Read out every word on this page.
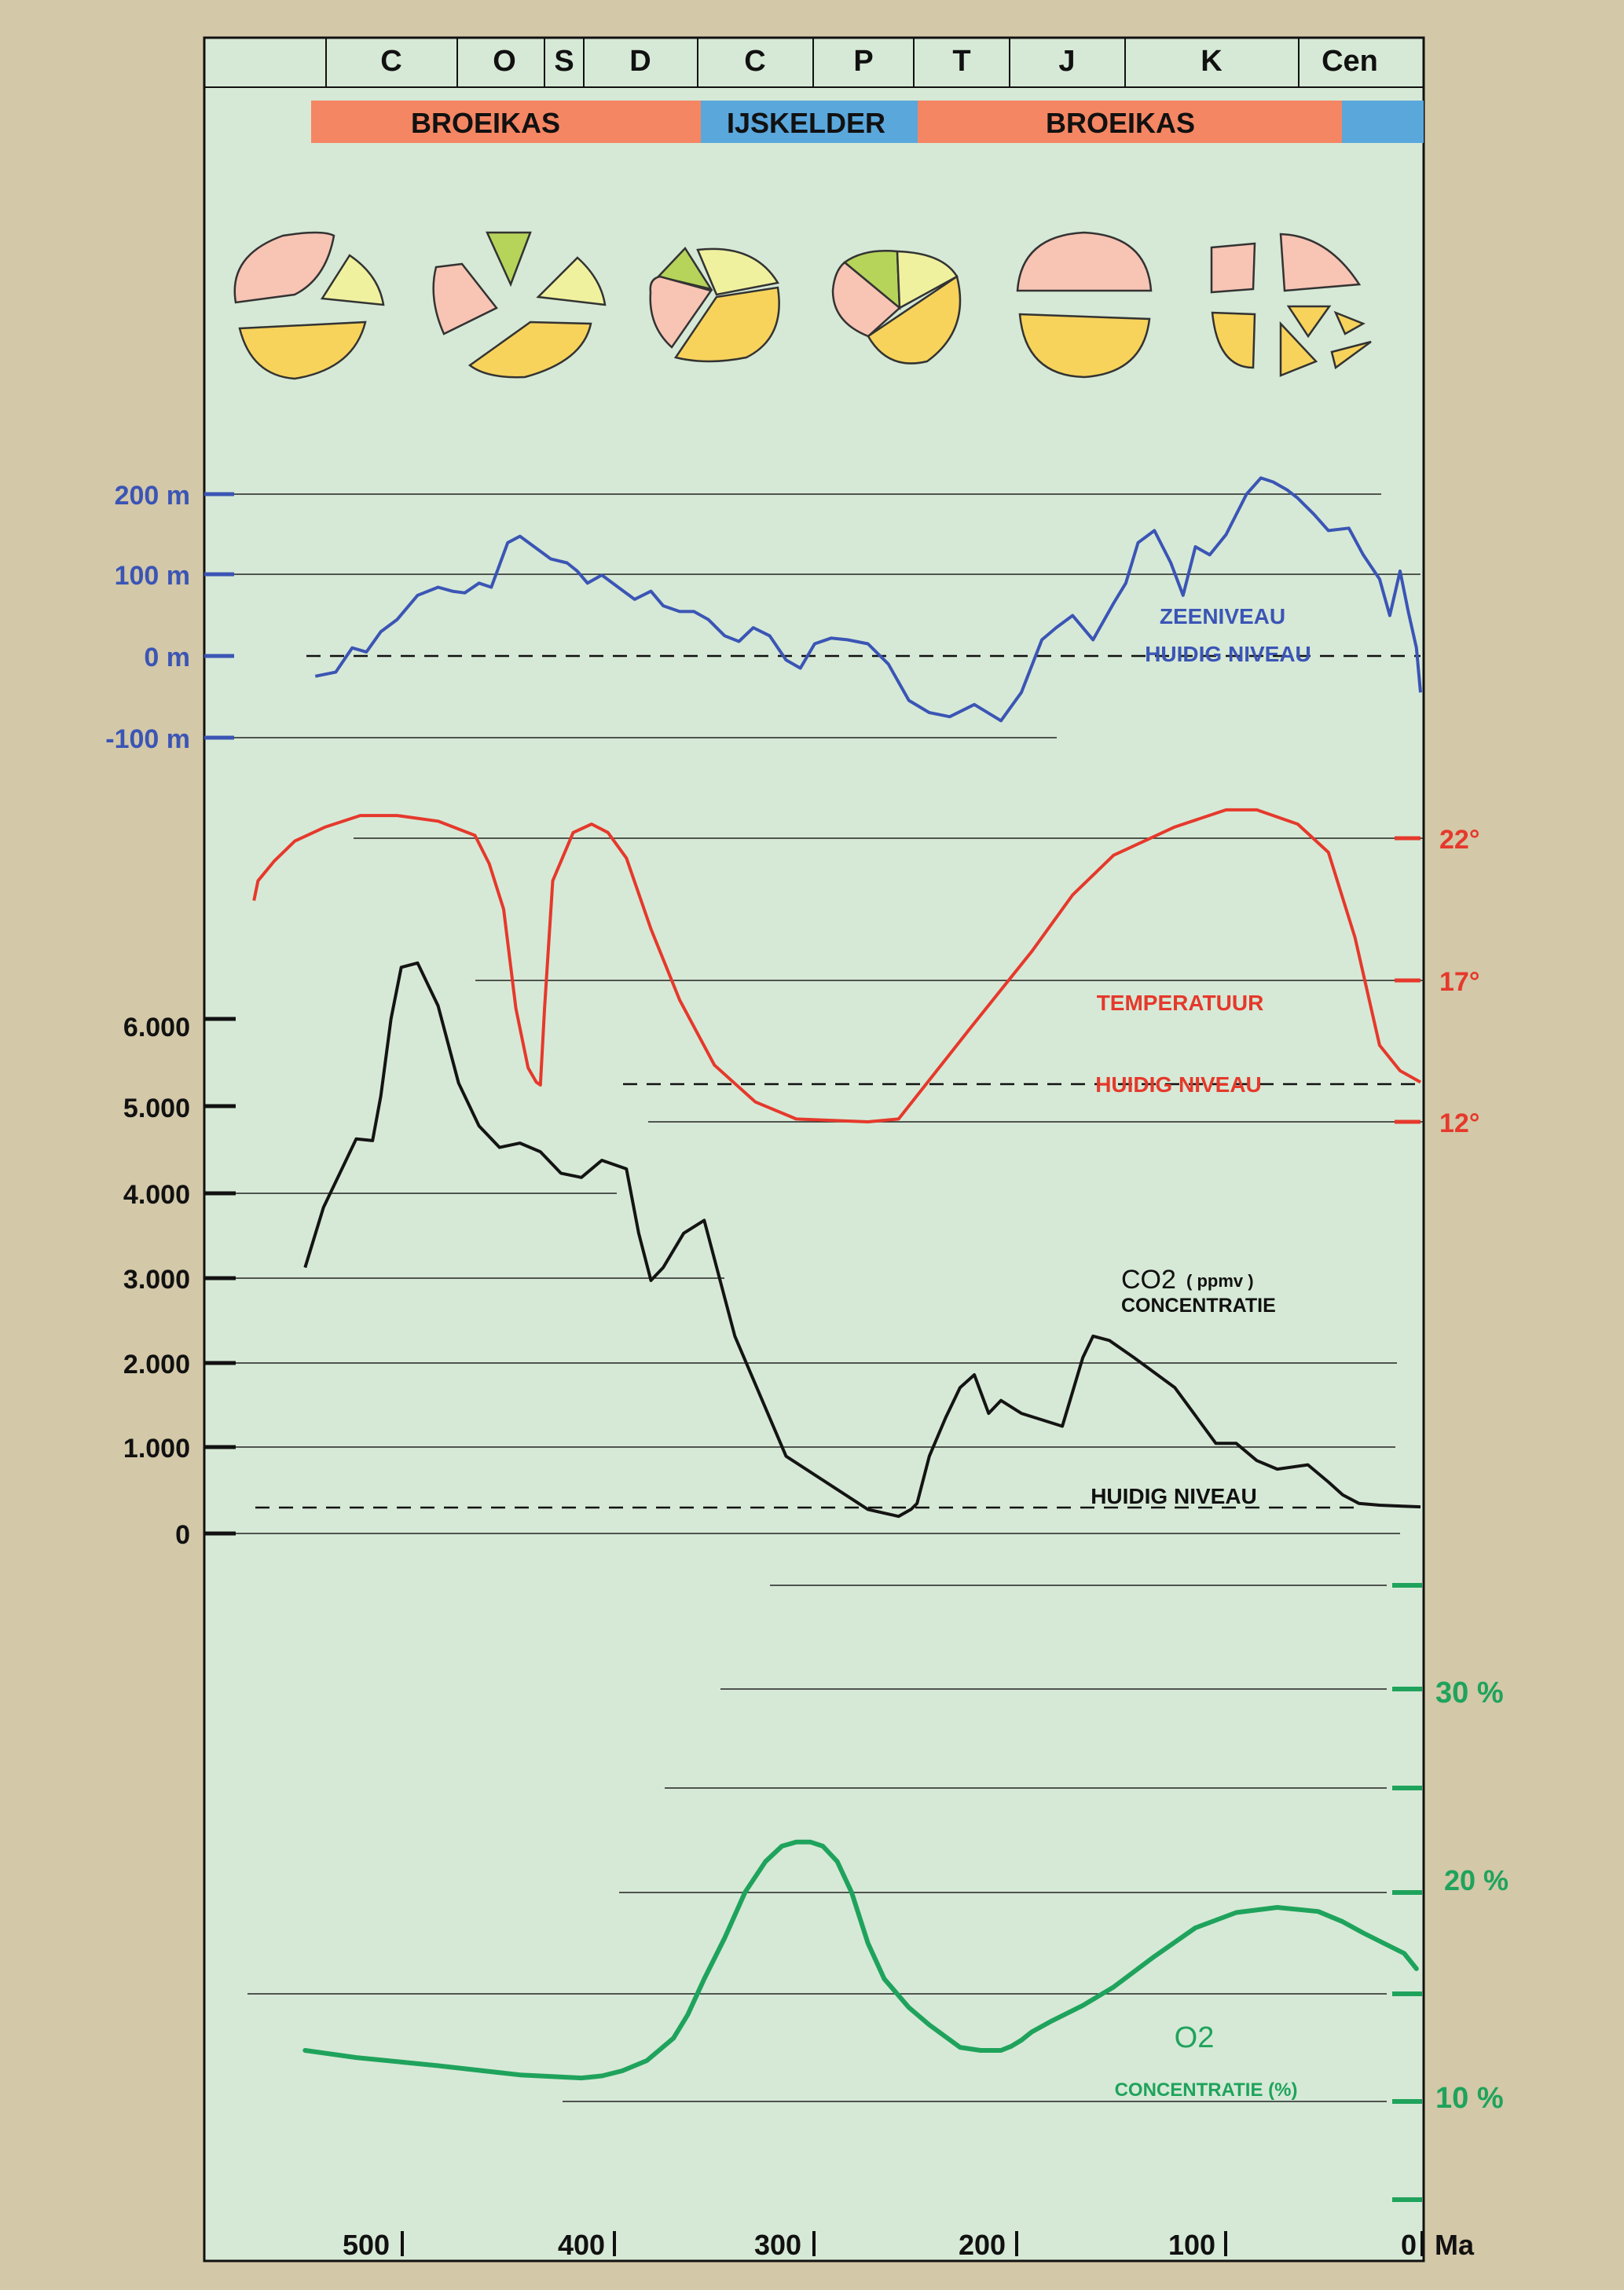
C	O S D	C	P	T	J	K	Cen
BROEIKAS	IJSKELDER	BROEIKAS
200 m
100 m
0 m
-100 m
ZEENIVEAU
HUIDIG NIVEAU
22°
17°
12°
TEMPERATUUR
HUIDIG NIVEAU
6.000
5.000
4.000
3.000
2.000
1.000
0
CO2 ( ppmv )
CONCENTRATIE
HUIDIG NIVEAU
30 %
20 %
10 %
O2
CONCENTRATIE (%)
500	400	300	200	100	0 Ma
